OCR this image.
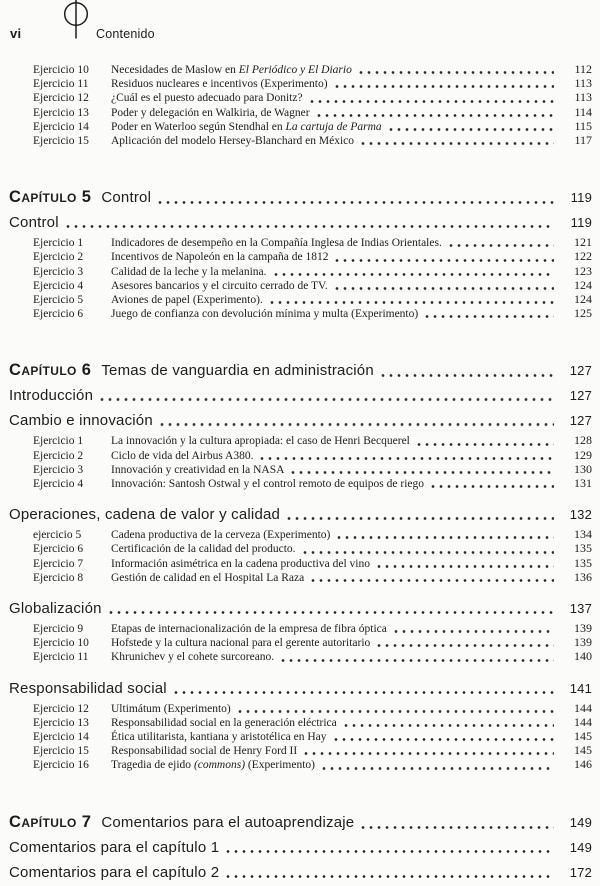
vi	Contenido
Ejercicio 10	Necesidades de Maslow en El Periódico y El Diario	112
Ejercicio 11	Residuos nucleares e incentivos (Experimento)	113
Ejercicio 12	¿Cuál es el puesto adecuado para Donitz?	113
Ejercicio 13	Poder y delegación en Walkiria, de Wagner	114
Ejercicio 14	Poder en Waterloo según Stendhal en La cartuja de Parma	115
Ejercicio 15	Aplicación del modelo Hersey-Blanchard en México	117
Capítulo 5 Control	119
Control	119
Ejercicio 1	Indicadores de desempeño en la Compañía Inglesa de Indias Orientales.	121
Ejercicio 2	Incentivos de Napoleón en la campaña de 1812	122
Ejercicio 3	Calidad de la leche y la melanina.	123
Ejercicio 4	Asesores bancarios y el circuito cerrado de TV.	124
Ejercicio 5	Aviones de papel (Experimento).	124
Ejercicio 6	Juego de confianza con devolución mínima y multa (Experimento)	125
Capítulo 6 Temas de vanguardia en administración	127
Introducción	127
Cambio e innovación	127
Ejercicio 1	La innovación y la cultura apropiada: el caso de Henri Becquerel	128
Ejercicio 2	Ciclo de vida del Airbus A380.	129
Ejercicio 3	Innovación y creatividad en la NASA	130
Ejercicio 4	Innovación: Santosh Ostwal y el control remoto de equipos de riego	131
Operaciones, cadena de valor y calidad	132
ejercicio 5	Cadena productiva de la cerveza (Experimento)	134
Ejercicio 6	Certificación de la calidad del producto.	135
Ejercicio 7	Información asimétrica en la cadena productiva del vino	135
Ejercicio 8	Gestión de calidad en el Hospital La Raza	136
Globalización	137
Ejercicio 9	Etapas de internacionalización de la empresa de fibra óptica	139
Ejercicio 10	Hofstede y la cultura nacional para el gerente autoritario	139
Ejercicio 11	Khrunichev y el cohete surcoreano.	140
Responsabilidad social	141
Ejercicio 12	Ultimátum (Experimento)	144
Ejercicio 13	Responsabilidad social en la generación eléctrica	144
Ejercicio 14	Ética utilitarista, kantiana y aristotélica en Hay	145
Ejercicio 15	Responsabilidad social de Henry Ford II	145
Ejercicio 16	Tragedia de ejido (commons) (Experimento)	146
Capítulo 7 Comentarios para el autoaprendizaje	149
Comentarios para el capítulo 1	149
Comentarios para el capítulo 2	172
